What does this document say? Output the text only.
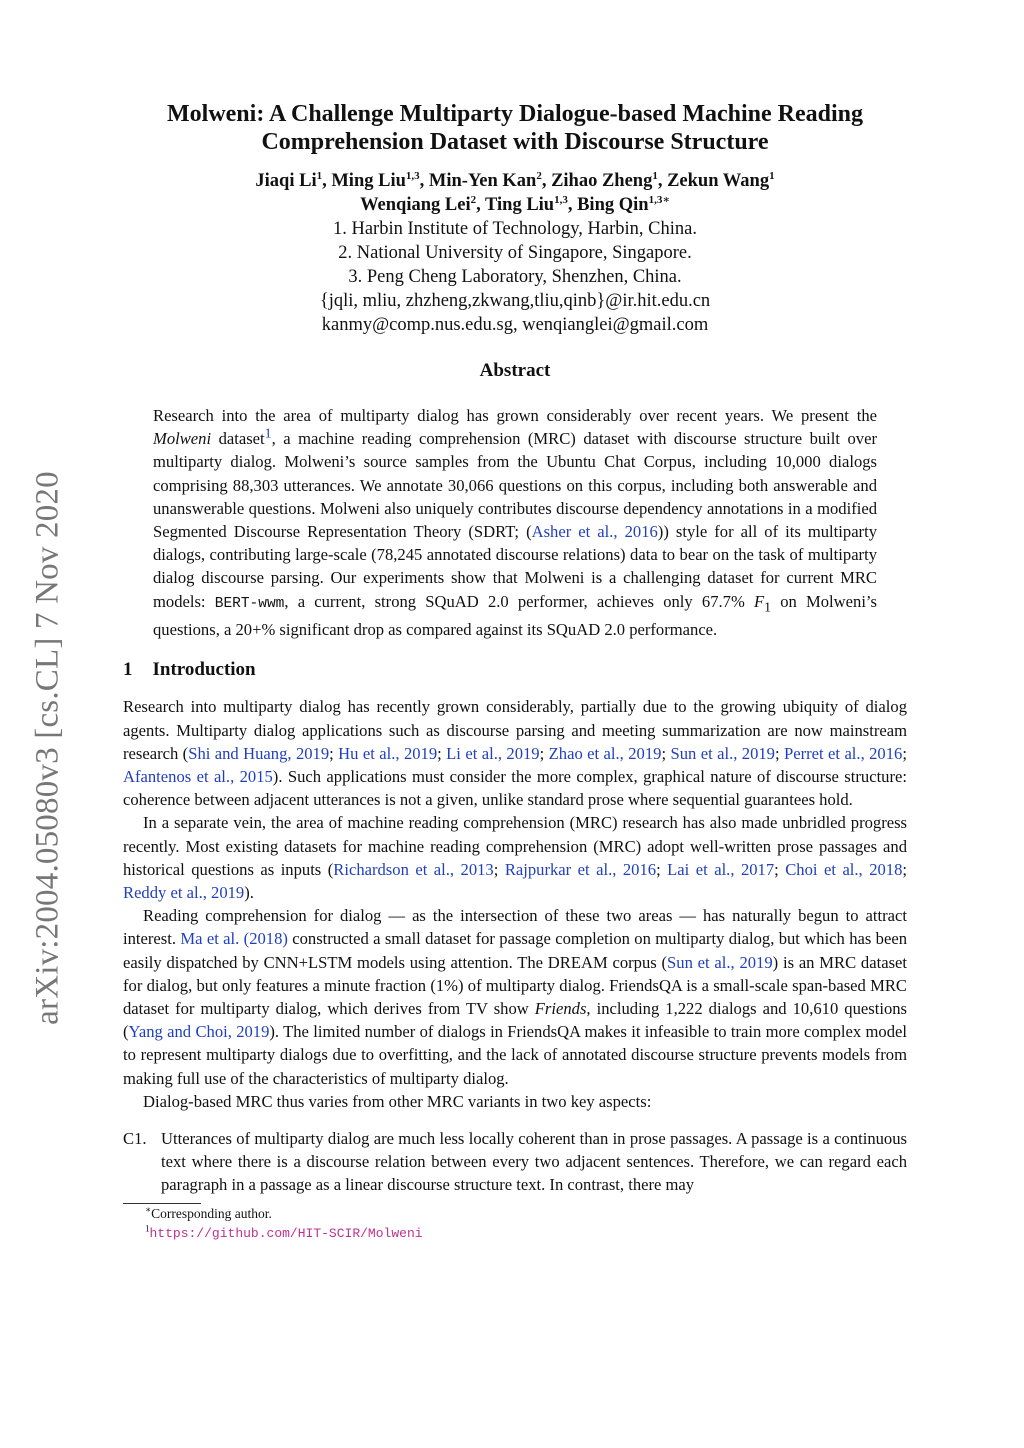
arXiv:2004.05080v3 [cs.CL] 7 Nov 2020
Molweni: A Challenge Multiparty Dialogue-based Machine Reading
Comprehension Dataset with Discourse Structure
Jiaqi Li$^1$, Ming Liu$^{1,3}$, Min-Yen Kan$^2$, Zihao Zheng$^1$, Zekun Wang$^1$
Wenqiang Lei$^2$, Ting Liu$^{1,3}$, Bing Qin$^{1,3∗}$
1. Harbin Institute of Technology, Harbin, China.
2. National University of Singapore, Singapore.
3. Peng Cheng Laboratory, Shenzhen, China.
{jqli, mliu, zhzheng,zkwang,tliu,qinb}@ir.hit.edu.cn
kanmy@comp.nus.edu.sg, wenqianglei@gmail.com
Abstract

Research into the area of multiparty dialog has grown considerably over recent years. We present the Molweni dataset$^1$, a machine reading comprehension (MRC) dataset with discourse structure built over multiparty dialog. Molweni’s source samples from the Ubuntu Chat Corpus, including 10,000 dialogs comprising 88,303 utterances. We annotate 30,066 questions on this corpus, including both answerable and unanswerable questions. Molweni also uniquely contributes discourse dependency annotations in a modified Segmented Discourse Representation Theory (SDRT; (Asher et al., 2016)) style for all of its multiparty dialogs, contributing large-scale (78,245 annotated discourse relations) data to bear on the task of multiparty dialog discourse parsing. Our experiments show that Molweni is a challenging dataset for current MRC models: BERT-wwm, a current, strong SQuAD 2.0 performer, achieves only 67.7% $F_1$ on Molweni’s questions, a 20+% significant drop as compared against its SQuAD 2.0 performance.

1 Introduction

Research into multiparty dialog has recently grown considerably, partially due to the growing ubiquity of dialog agents. Multiparty dialog applications such as discourse parsing and meeting summarization are now mainstream research (Shi and Huang, 2019; Hu et al., 2019; Li et al., 2019; Zhao et al., 2019; Sun et al., 2019; Perret et al., 2016; Afantenos et al., 2015). Such applications must consider the more complex, graphical nature of discourse structure: coherence between adjacent utterances is not a given, unlike standard prose where sequential guarantees hold.

In a separate vein, the area of machine reading comprehension (MRC) research has also made unbridled progress recently. Most existing datasets for machine reading comprehension (MRC) adopt well-written prose passages and historical questions as inputs (Richardson et al., 2013; Rajpurkar et al., 2016; Lai et al., 2017; Choi et al., 2018; Reddy et al., 2019).

Reading comprehension for dialog — as the intersection of these two areas — has naturally begun to attract interest. Ma et al. (2018) constructed a small dataset for passage completion on multiparty dialog, but which has been easily dispatched by CNN+LSTM models using attention. The DREAM corpus (Sun et al., 2019) is an MRC dataset for dialog, but only features a minute fraction (1%) of multiparty dialog. FriendsQA is a small-scale span-based MRC dataset for multiparty dialog, which derives from TV show Friends, including 1,222 dialogs and 10,610 questions (Yang and Choi, 2019). The limited number of dialogs in FriendsQA makes it infeasible to train more complex model to represent multiparty dialogs due to overfitting, and the lack of annotated discourse structure prevents models from making full use of the characteristics of multiparty dialog.

Dialog-based MRC thus varies from other MRC variants in two key aspects:

C1. Utterances of multiparty dialog are much less locally coherent than in prose passages. A passage is a continuous text where there is a discourse relation between every two adjacent sentences. Therefore, we can regard each paragraph in a passage as a linear discourse structure text. In contrast, there may
∗Corresponding author.
$^1$https://github.com/HIT-SCIR/Molweni
